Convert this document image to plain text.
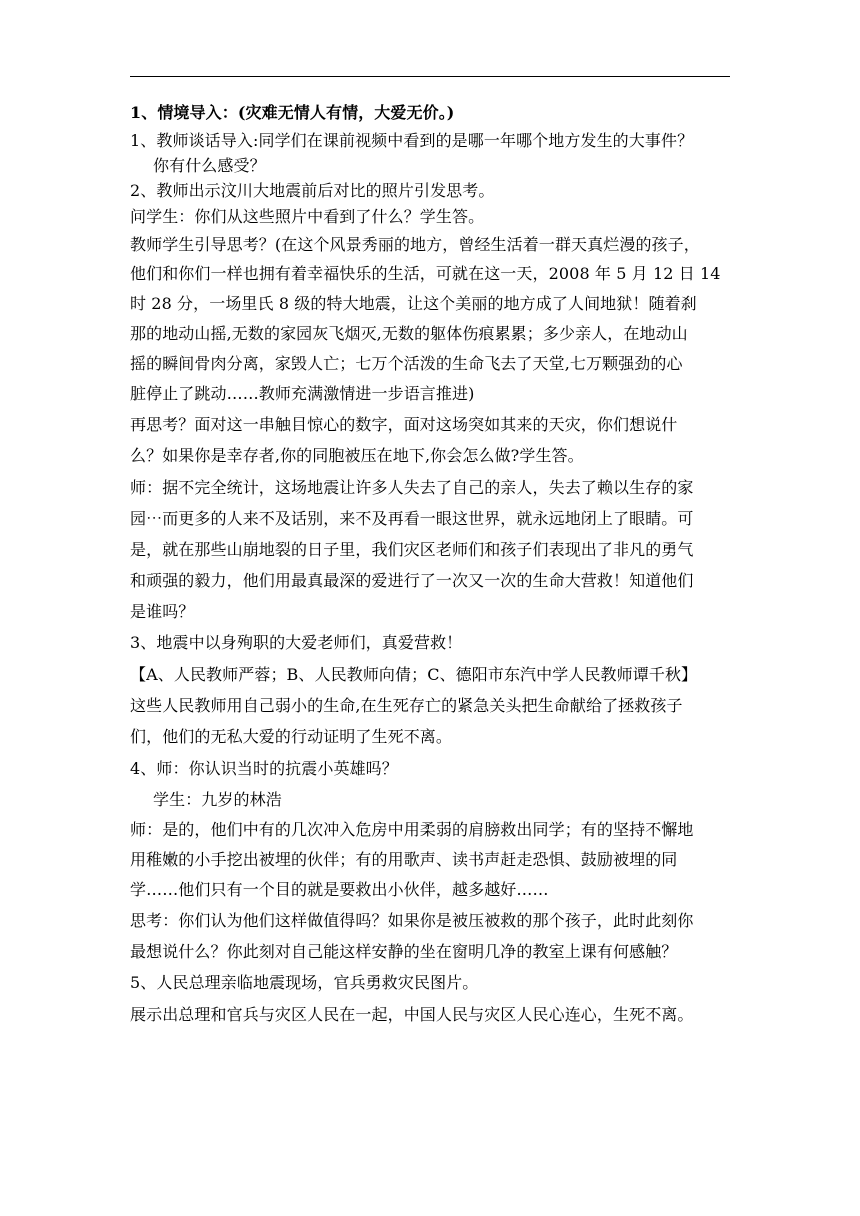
1、情境导入：(灾难无情人有情，大爱无价。)

1、教师谈话导入:同学们在课前视频中看到的是哪一年哪个地方发生的大事件？

你有什么感受？

2、教师出示汶川大地震前后对比的照片引发思考。

问学生：你们从这些照片中看到了什么？学生答。

教师学生引导思考？(在这个风景秀丽的地方，曾经生活着一群天真烂漫的孩子，

他们和你们一样也拥有着幸福快乐的生活，可就在这一天，2008 年 5 月 12 日 14

时 28 分，一场里氏 8 级的特大地震，让这个美丽的地方成了人间地狱！随着刹

那的地动山摇,无数的家园灰飞烟灭,无数的躯体伤痕累累；多少亲人，在地动山

摇的瞬间骨肉分离，家毁人亡；七万个活泼的生命飞去了天堂,七万颗强劲的心

脏停止了跳动……教师充满激情进一步语言推进)

再思考？面对这一串触目惊心的数字，面对这场突如其来的天灾，你们想说什

么？如果你是幸存者,你的同胞被压在地下,你会怎么做?学生答。

师：据不完全统计，这场地震让许多人失去了自己的亲人，失去了赖以生存的家

园⋯而更多的人来不及话别，来不及再看一眼这世界，就永远地闭上了眼睛。可

是，就在那些山崩地裂的日子里，我们灾区老师们和孩子们表现出了非凡的勇气

和顽强的毅力，他们用最真最深的爱进行了一次又一次的生命大营救！知道他们

是谁吗？

3、地震中以身殉职的大爱老师们，真爱营救！

【A、人民教师严蓉；B、人民教师向倩；C、德阳市东汽中学人民教师谭千秋】

这些人民教师用自己弱小的生命,在生死存亡的紧急关头把生命献给了拯救孩子

们，他们的无私大爱的行动证明了生死不离。

4、师：你认识当时的抗震小英雄吗？

学生：九岁的林浩

师：是的，他们中有的几次冲入危房中用柔弱的肩膀救出同学；有的坚持不懈地

用稚嫩的小手挖出被埋的伙伴；有的用歌声、读书声赶走恐惧、鼓励被埋的同

学……他们只有一个目的就是要救出小伙伴，越多越好……

思考：你们认为他们这样做值得吗？如果你是被压被救的那个孩子，此时此刻你

最想说什么？你此刻对自己能这样安静的坐在窗明几净的教室上课有何感触？

5、人民总理亲临地震现场，官兵勇救灾民图片。

展示出总理和官兵与灾区人民在一起，中国人民与灾区人民心连心，生死不离。
